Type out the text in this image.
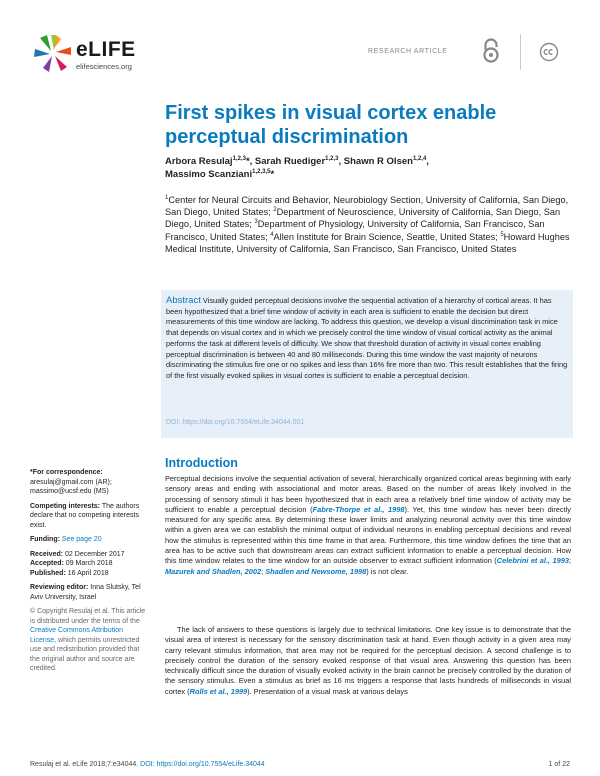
eLIFE
elifesciences.org
RESEARCH ARTICLE
First spikes in visual cortex enable perceptual discrimination
Arbora Resulaj$^{1,2,3}$*, Sarah Ruediger$^{1,2,3}$, Shawn R Olsen$^{1,2,4}$,
Massimo Scanziani$^{1,2,3,5}$*
$^1$Center for Neural Circuits and Behavior, Neurobiology Section, University of California, San Diego, San Diego, United States; $^2$Department of Neuroscience, University of California, San Diego, San Diego, United States; $^3$Department of Physiology, University of California, San Francisco, San Francisco, United States; $^4$Allen Institute for Brain Science, Seattle, United States; $^5$Howard Hughes Medical Institute, University of California, San Francisco, San Francisco, United States
Abstract Visually guided perceptual decisions involve the sequential activation of a hierarchy of cortical areas. It has been hypothesized that a brief time window of activity in each area is sufficient to enable the decision but direct measurements of this time window are lacking. To address this question, we develop a visual discrimination task in mice that depends on visual cortex and in which we precisely control the time window of visual cortical activity as the animal performs the task at different levels of difficulty. We show that threshold duration of activity in visual cortex enabling perceptual discrimination is between 40 and 80 milliseconds. During this time window the vast majority of neurons discriminating the stimulus fire one or no spikes and less than 16% fire more than two. This result establishes that the firing of the first visually evoked spikes in visual cortex is sufficient to enable a perceptual decision.
DOI: https://doi.org/10.7554/eLife.34044.001
*For correspondence:
aresulaj@gmail.com (AR); massimo@ucsf.edu (MS)
Competing interests: The authors declare that no competing interests exist.
Funding: See page 20
Received: 02 December 2017
Accepted: 09 March 2018
Published: 16 April 2018
Reviewing editor: Inna Slutsky, Tel Aviv University, Israel
© Copyright Resulaj et al. This article is distributed under the terms of the Creative Commons Attribution License, which permits unrestricted use and redistribution provided that the original author and source are credited.
Introduction
Perceptual decisions involve the sequential activation of several, hierarchically organized cortical areas beginning with early sensory areas and ending with associational and motor areas. Based on the number of areas likely involved in the processing of sensory stimuli it has been hypothesized that in each area a relatively brief time window of activity may be sufficient to enable a perceptual decision (Fabre-Thorpe et al., 1998). Yet, this time window has never been directly measured for any specific area. By determining these lower limits and analyzing neuronal activity over this time window within a given area we can establish the minimal output of individual neurons in enabling perceptual decisions and reveal how the stimulus is represented within this time frame in that area. Furthermore, this time window defines the time that an area has to be active such that downstream areas can extract sufficient information to enable a perceptual decision. How this time window relates to the time window for an outside observer to extract sufficient information (Celebrini et al., 1993; Mazurek and Shadlen, 2002; Shadlen and Newsome, 1998) is not clear.
The lack of answers to these questions is largely due to technical limitations. One key issue is to demonstrate that the visual area of interest is necessary for the sensory discrimination task at hand. Even though activity in a given area may carry relevant stimulus information, that area may not be required for the perceptual decision. A second challenge is to precisely control the duration of the sensory evoked response of that visual area. Answering this question has been technically difficult since the duration of visually evoked activity in the brain cannot be precisely controlled by the duration of the sensory stimulus. Even a stimulus as brief as 16 ms triggers a response that lasts hundreds of milliseconds in visual cortex (Rolls et al., 1999). Presentation of a visual mask at various delays
Resulaj et al. eLife 2018;7:e34044. DOI: https://doi.org/10.7554/eLife.34044	1 of 22
